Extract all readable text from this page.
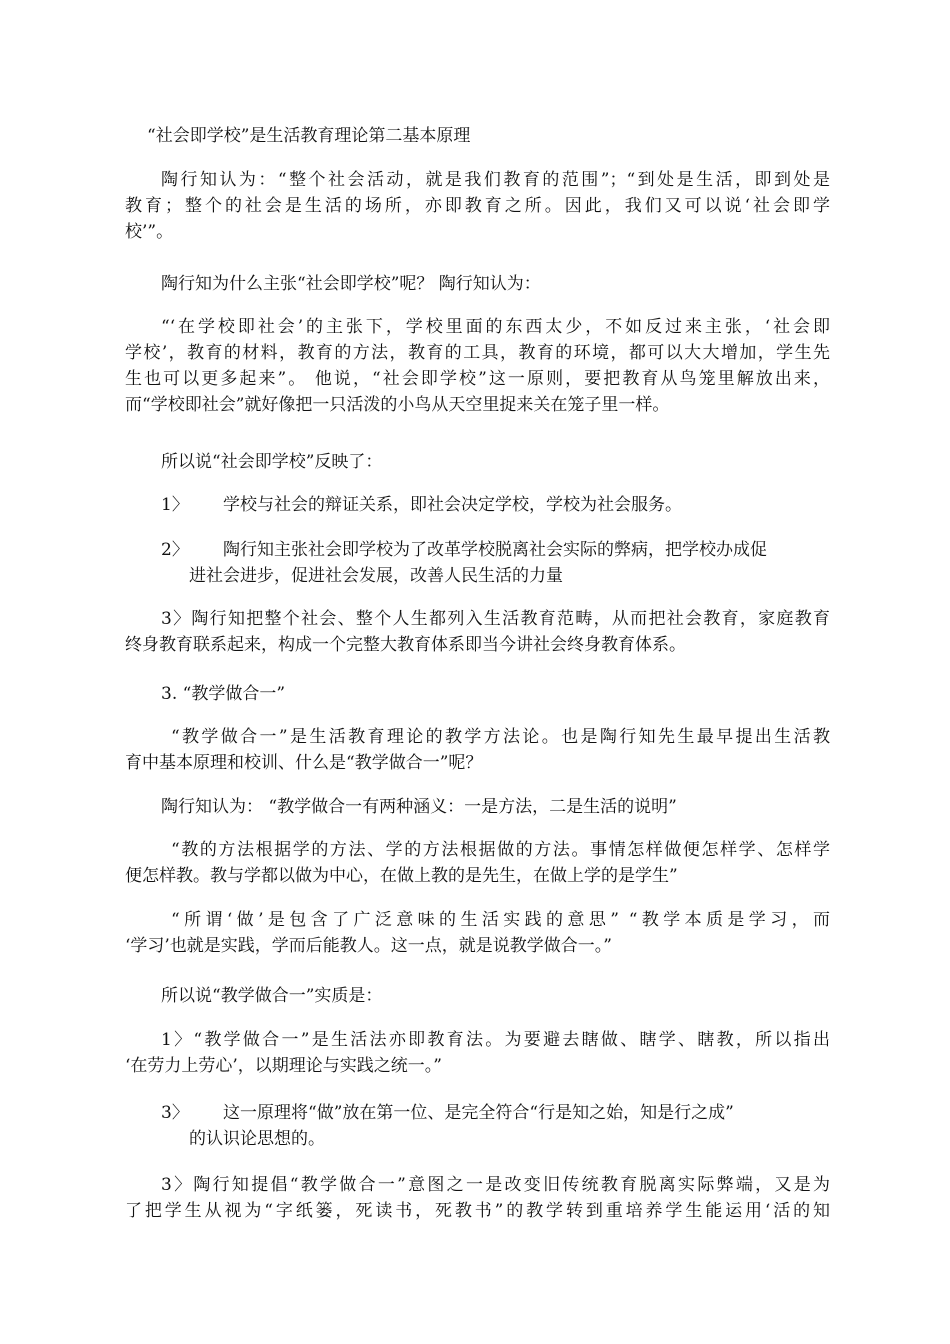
“社会即学校”是生活教育理论第二基本原理
陶行知认为：“整个社会活动，就是我们教育的范围”；“到处是生活，即到处是
教育；整个的社会是生活的场所，亦即教育之所。因此，我们又可以说‘社会即学
校’”。
陶行知为什么主张“社会即学校”呢？ 陶行知认为：
“‘在学校即社会’的主张下，学校里面的东西太少，不如反过来主张，‘社会即
学校’，教育的材料，教育的方法，教育的工具，教育的环境，都可以大大增加，学生先
生也可以更多起来”。 他说，“社会即学校”这一原则，要把教育从鸟笼里解放出来，
而“学校即社会”就好像把一只活泼的小鸟从天空里捉来关在笼子里一样。
所以说“社会即学校”反映了：
1〉 学校与社会的辩证关系，即社会决定学校，学校为社会服务。
2〉 陶行知主张社会即学校为了改革学校脱离社会实际的弊病，把学校办成促
进社会进步，促进社会发展，改善人民生活的力量
3〉陶行知把整个社会、整个人生都列入生活教育范畴，从而把社会教育，家庭教育
终身教育联系起来，构成一个完整大教育体系即当今讲社会终身教育体系。
3. “教学做合一”
“教学做合一”是生活教育理论的教学方法论。也是陶行知先生最早提出生活教
育中基本原理和校训、什么是“教学做合一”呢？
陶行知认为： “教学做合一有两种涵义：一是方法，二是生活的说明”
“教的方法根据学的方法、学的方法根据做的方法。事情怎样做便怎样学、怎样学
便怎样教。教与学都以做为中心，在做上教的是先生，在做上学的是学生”
“所谓‘做’是包含了广泛意味的生活实践的意思” “教学本质是学习，而
‘学习’也就是实践，学而后能教人。这一点，就是说教学做合一。”
所以说“教学做合一”实质是：
1〉“教学做合一”是生活法亦即教育法。为要避去瞎做、瞎学、瞎教，所以指出
‘在劳力上劳心’，以期理论与实践之统一。”
3〉 这一原理将“做”放在第一位、是完全符合“行是知之始，知是行之成”
的认识论思想的。
3〉陶行知提倡“教学做合一”意图之一是改变旧传统教育脱离实际弊端，又是为
了把学生从视为“字纸篓，死读书，死教书”的教学转到重培养学生能运用‘活的知
